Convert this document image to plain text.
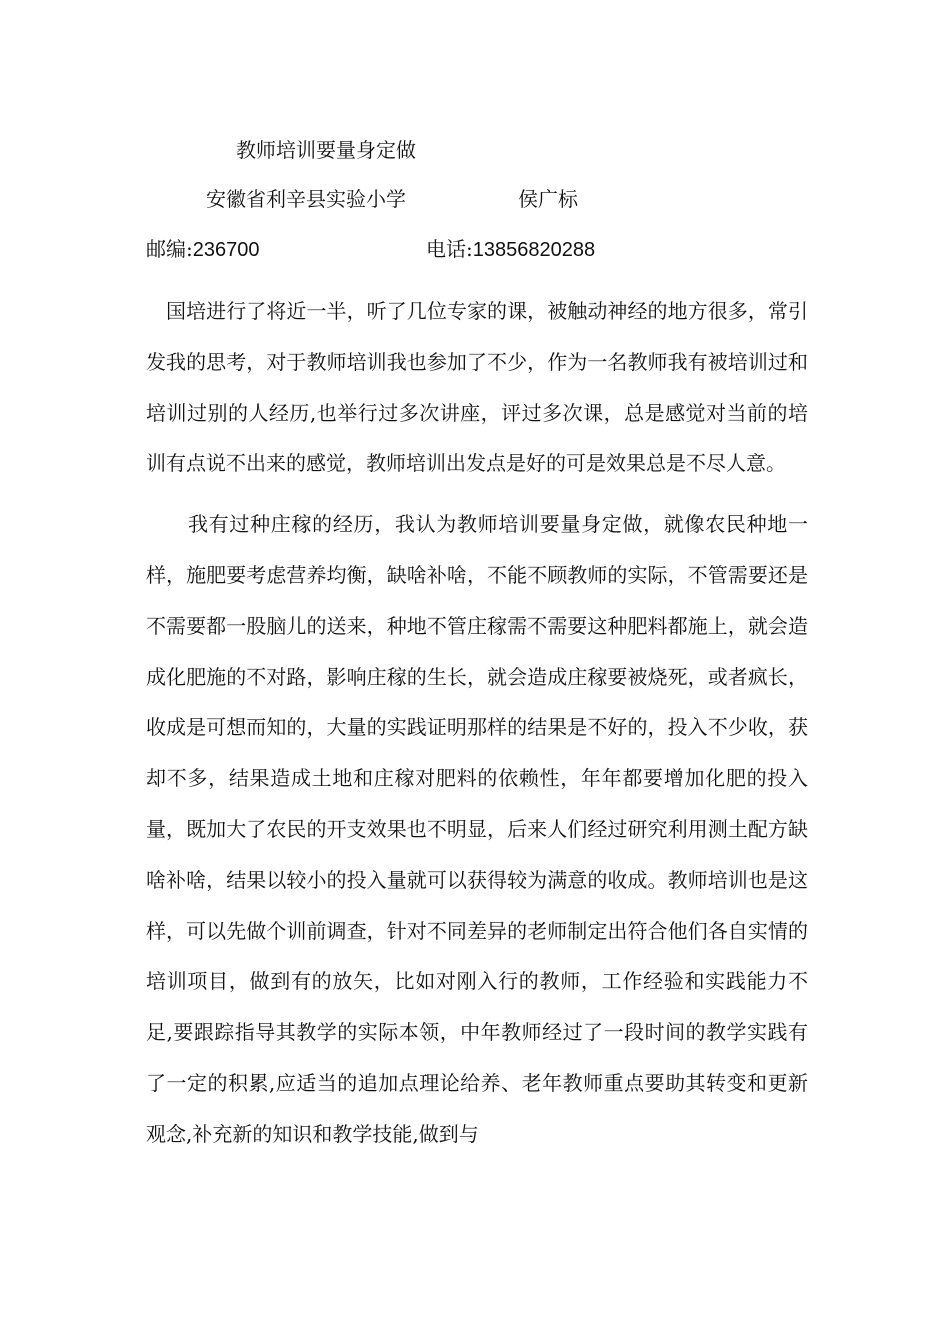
教师培训要量身定做
安徽省利辛县实验小学	侯广标
邮编:236700	电话:13856820288

国培进行了将近一半，听了几位专家的课，被触动神经的地方很多，常引发我的思考，对于教师培训我也参加了不少，作为一名教师我有被培训过和培训过别的人经历,也举行过多次讲座，评过多次课，总是感觉对当前的培训有点说不出来的感觉，教师培训出发点是好的可是效果总是不尽人意。

我有过种庄稼的经历，我认为教师培训要量身定做，就像农民种地一样，施肥要考虑营养均衡，缺啥补啥，不能不顾教师的实际，不管需要还是不需要都一股脑儿的送来，种地不管庄稼需不需要这种肥料都施上，就会造成化肥施的不对路，影响庄稼的生长，就会造成庄稼要被烧死，或者疯长，收成是可想而知的，大量的实践证明那样的结果是不好的，投入不少收，获却不多，结果造成土地和庄稼对肥料的依赖性，年年都要增加化肥的投入量，既加大了农民的开支效果也不明显，后来人们经过研究利用测土配方缺啥补啥，结果以较小的投入量就可以获得较为满意的收成。教师培训也是这样，可以先做个训前调查，针对不同差异的老师制定出符合他们各自实情的培训项目，做到有的放矢，比如对刚入行的教师，工作经验和实践能力不足,要跟踪指导其教学的实际本领，中年教师经过了一段时间的教学实践有了一定的积累,应适当的追加点理论给养、老年教师重点要助其转变和更新观念,补充新的知识和教学技能,做到与
